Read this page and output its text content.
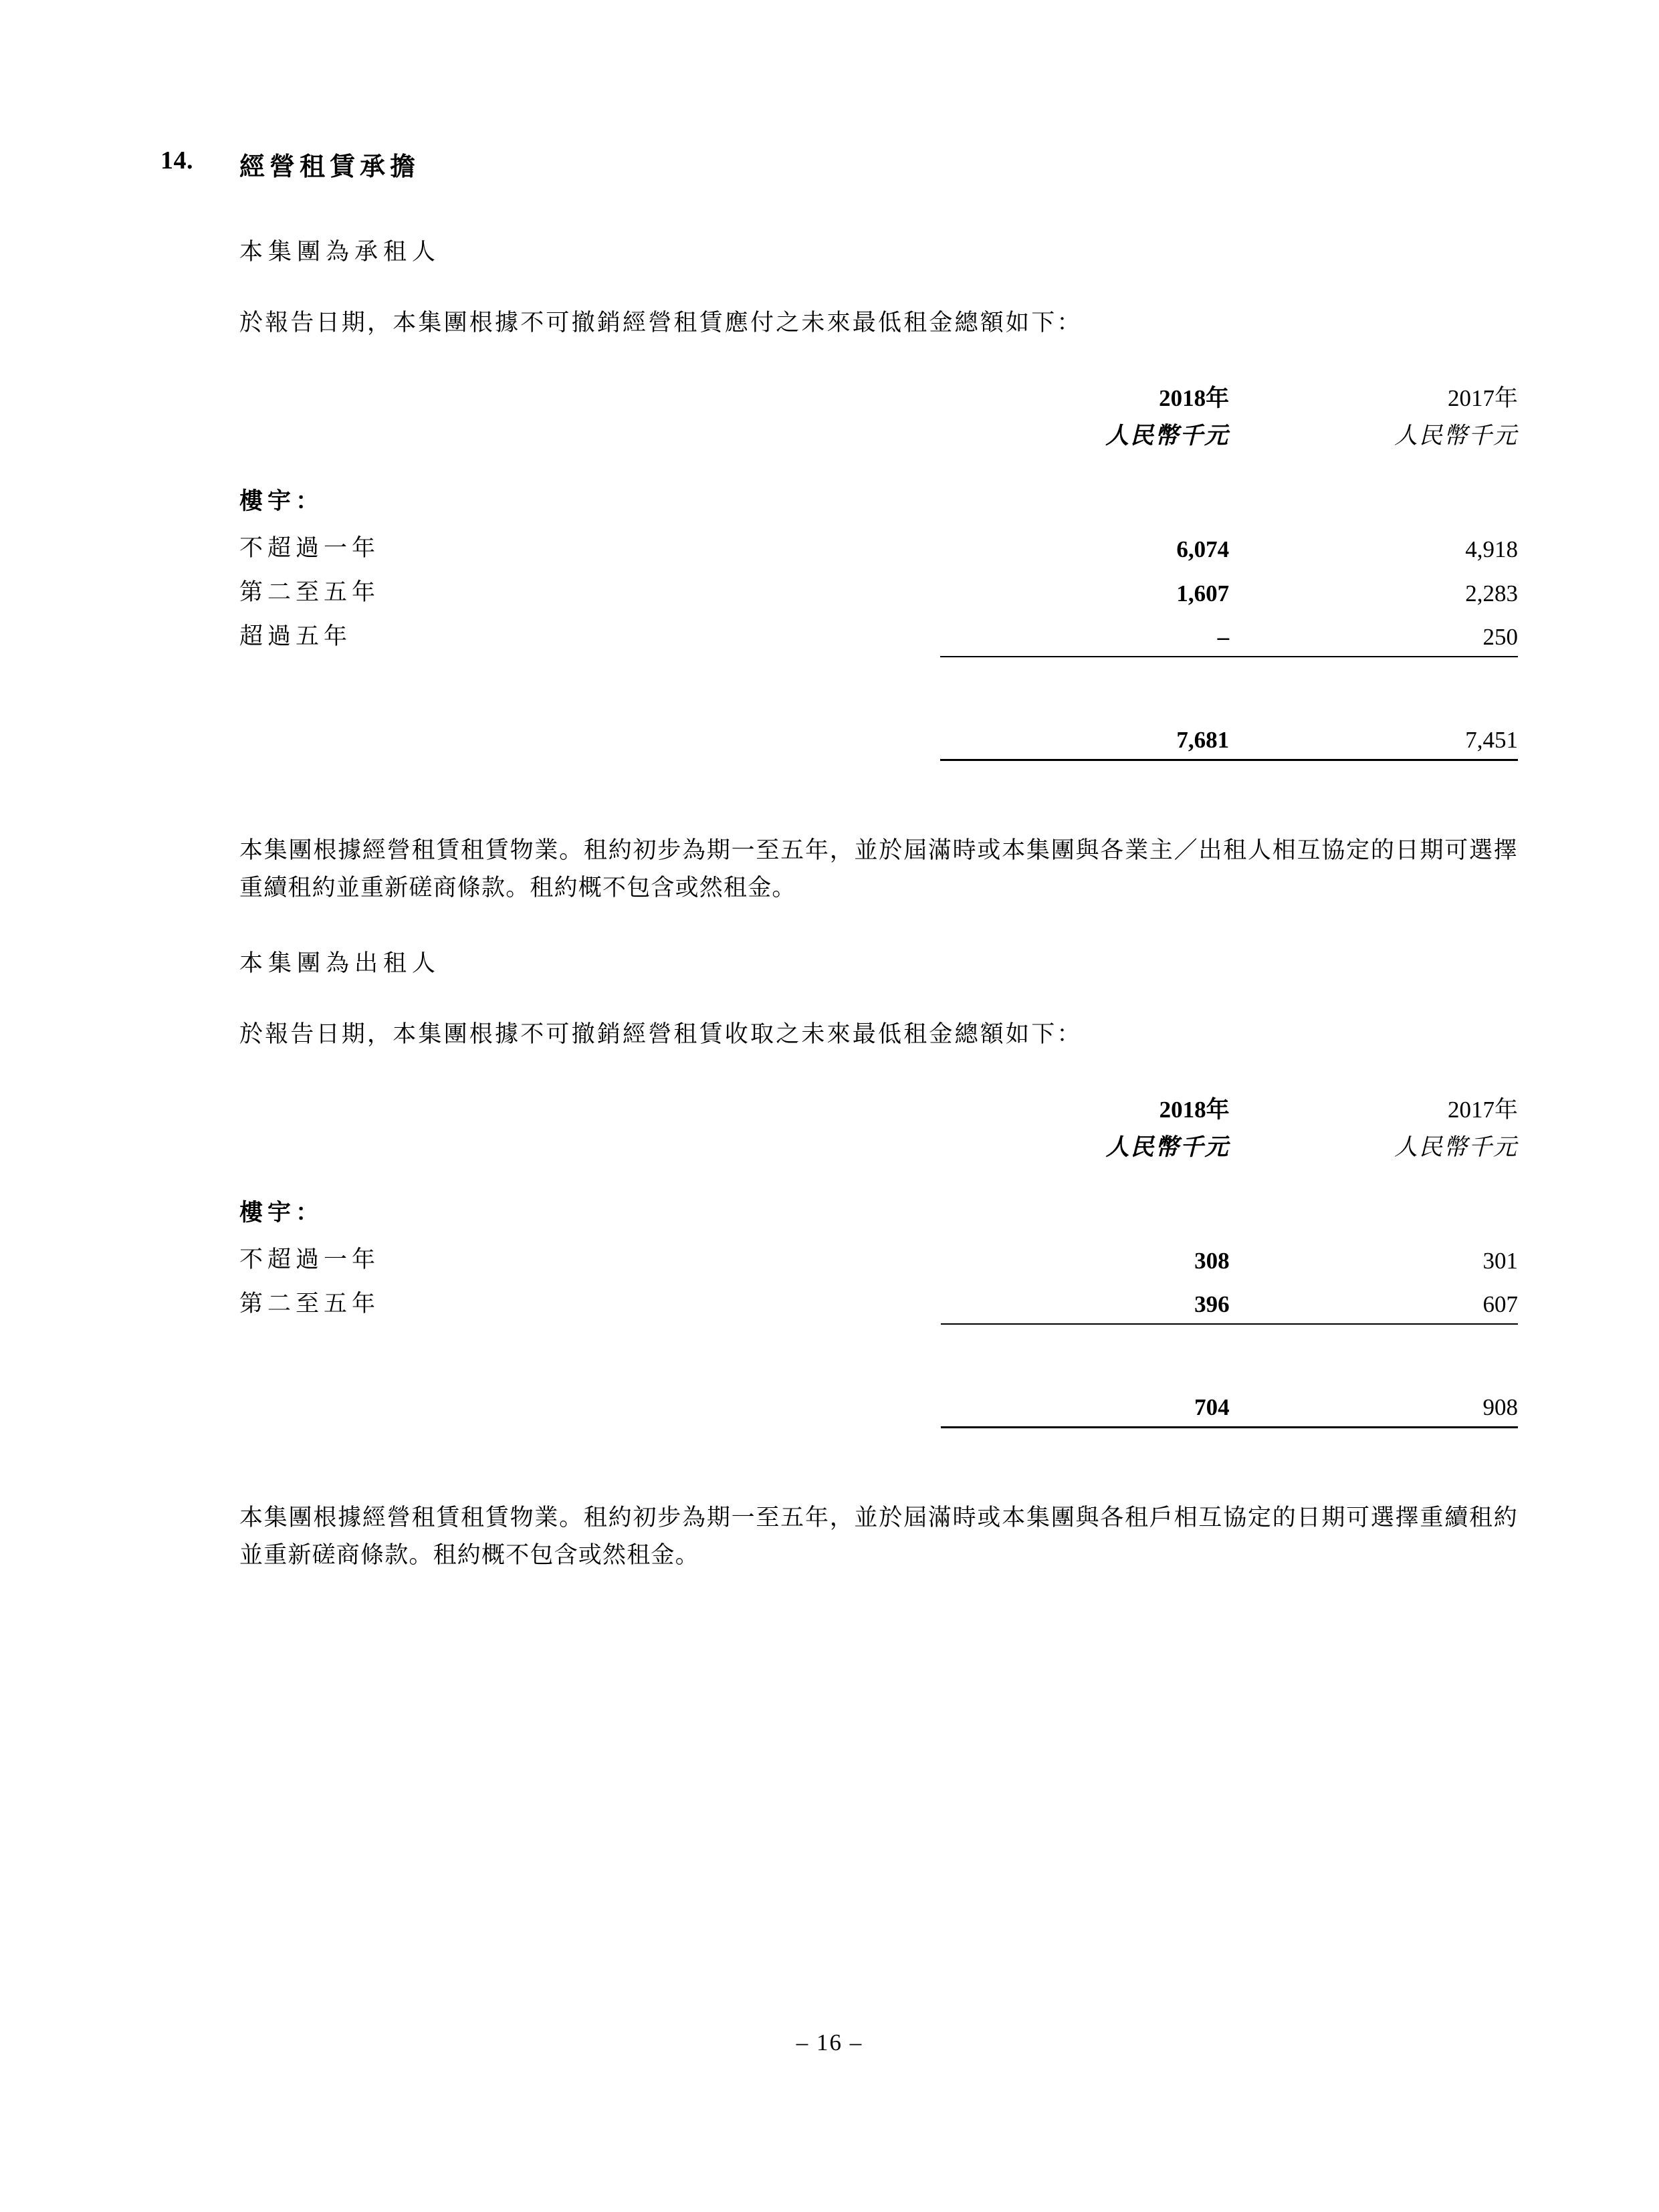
14.	經營租賃承擔

本集團為承租人

於報告日期，本集團根據不可撤銷經營租賃應付之未來最低租金總額如下：

	2018年	2017年
	人民幣千元	人民幣千元
樓宇：		
不超過一年	6,074	4,918
第二至五年	1,607	2,283
超過五年	–	250

	7,681	7,451

本集團根據經營租賃租賃物業。租約初步為期一至五年，並於屆滿時或本集團與各業主／出租人相互協定的日期可選擇重續租約並重新磋商條款。租約概不包含或然租金。

本集團為出租人

於報告日期，本集團根據不可撤銷經營租賃收取之未來最低租金總額如下：

	2018年	2017年
	人民幣千元	人民幣千元
樓宇：		
不超過一年	308	301
第二至五年	396	607

	704	908

本集團根據經營租賃租賃物業。租約初步為期一至五年，並於屆滿時或本集團與各租戶相互協定的日期可選擇重續租約並重新磋商條款。租約概不包含或然租金。

– 16 –
